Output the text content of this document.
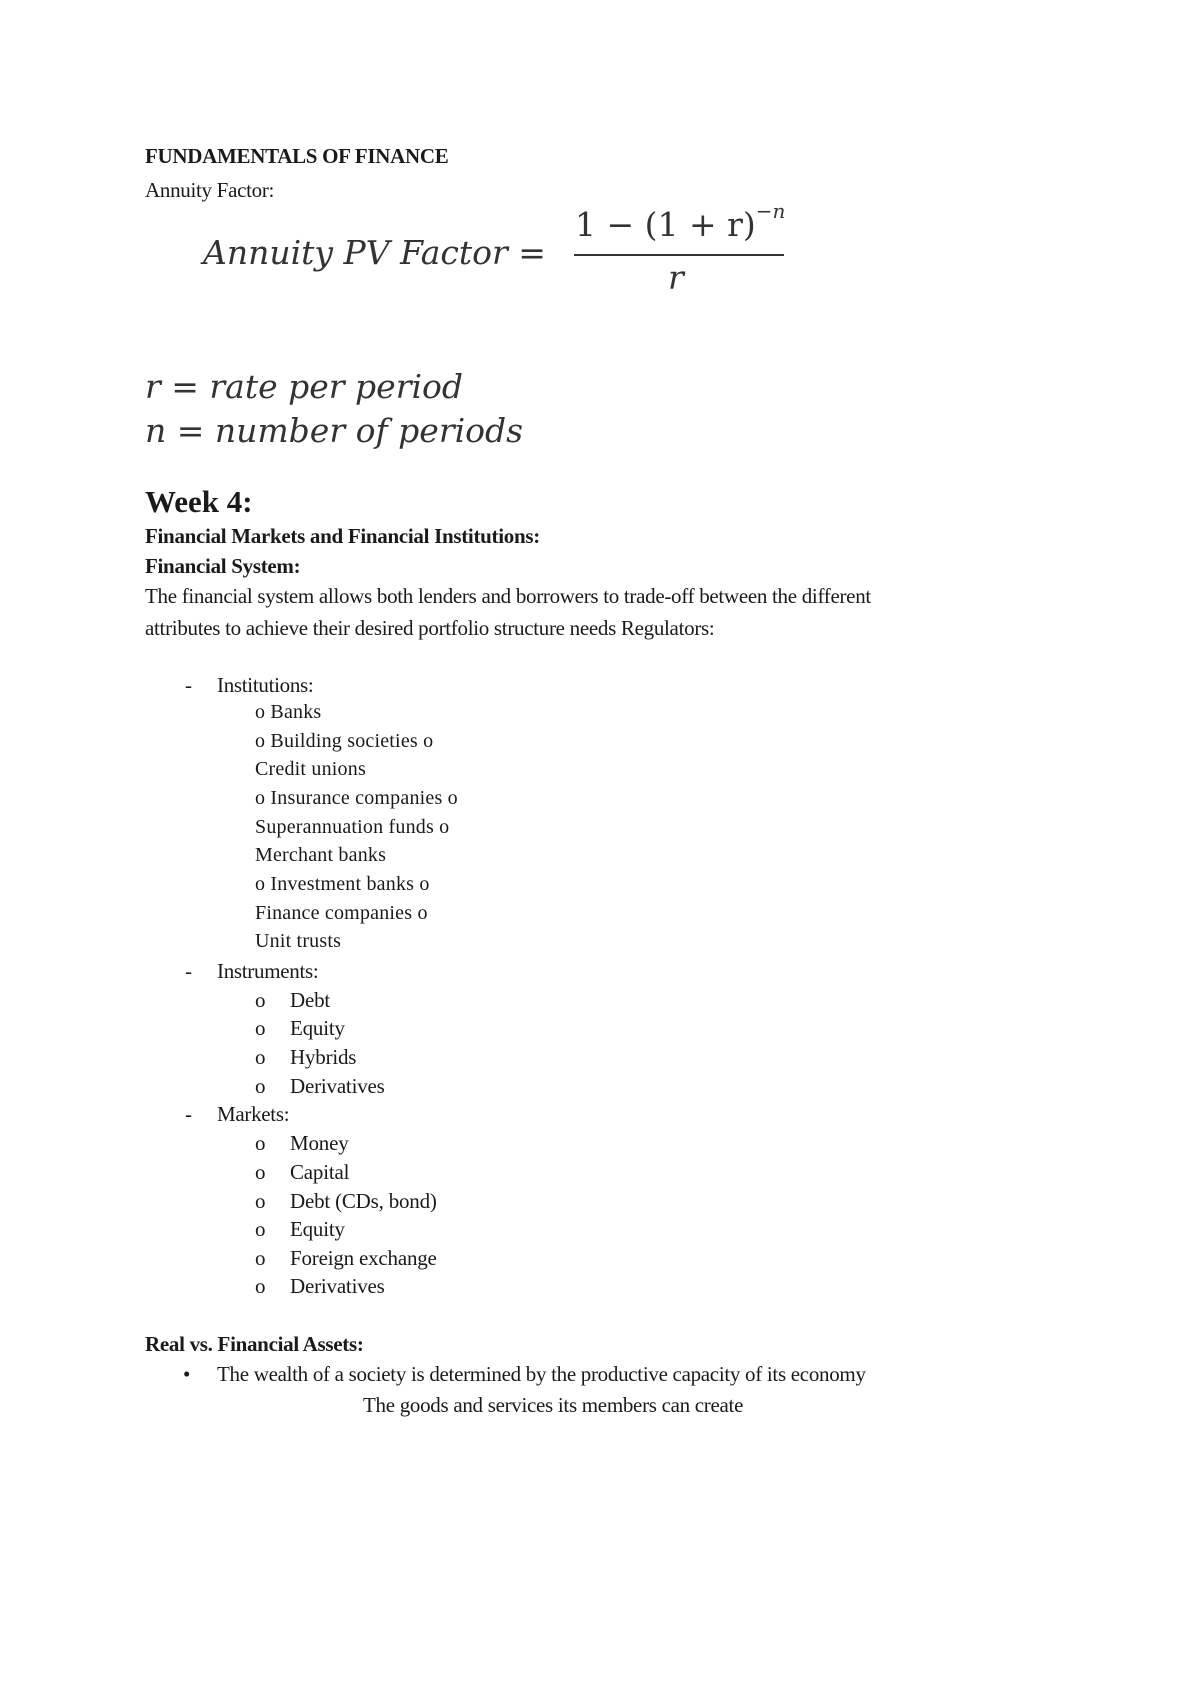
FUNDAMENTALS OF FINANCE
Annuity Factor:
Annuity PV Factor =
$1 - (1 + r)^{-n}$
r
r = rate per period
n = number of periods
Week 4:
Financial Markets and Financial Institutions:
Financial System:
The financial system allows both lenders and borrowers to trade-off between the different
attributes to achieve their desired portfolio structure needs Regulators:
- Institutions:
o Banks
o Building societies o
Credit unions
o Insurance companies o
Superannuation funds o
Merchant banks
o Investment banks o
Finance companies o
Unit trusts
- Instruments:
o Debt
o Equity
o Hybrids
o Derivatives
- Markets:
o Money
o Capital
o Debt (CDs, bond)
o Equity
o Foreign exchange
o Derivatives
Real vs. Financial Assets:
• The wealth of a society is determined by the productive capacity of its economy
The goods and services its members can create
